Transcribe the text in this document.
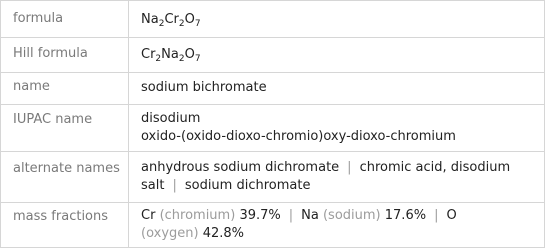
formula	$Na_2Cr_2O_7$
Hill formula	$Cr_2Na_2O_7$
name	sodium bichromate
IUPAC name	disodium
oxido-(oxido-dioxo-chromio)oxy-dioxo-chromium
alternate names anhydrous sodium dichromate | chromic acid, disodium
salt | sodium dichromate
mass fractions	Cr (chromium) 39.7% | Na (sodium) 17.6% | O
(oxygen) 42.8%
